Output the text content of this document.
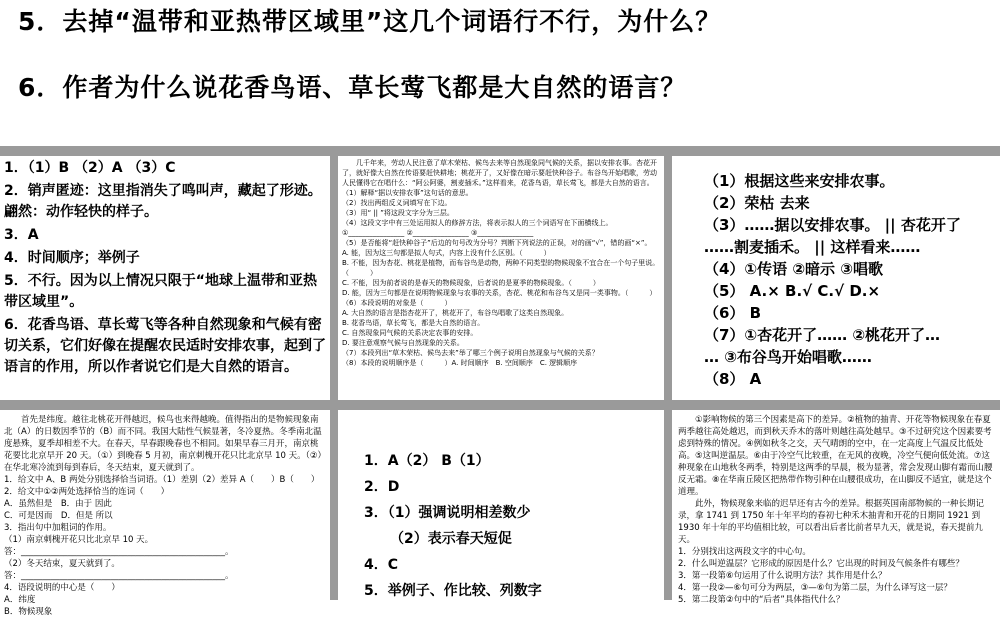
5．去掉“温带和亚热带区域里”这几个词语行不行，为什么？
6．作者为什么说花香鸟语、草长莺飞都是大自然的语言？

1．（1）B （2）A （3）C

2．销声匿迹：这里指消失了鸣叫声，藏起了形迹。翩然：动作轻快的样子。

3．A

4．时间顺序；举例子

5．不行。因为以上情况只限于“地球上温带和亚热带区域里”。

6．花香鸟语、草长莺飞等各种自然现象和气候有密切关系，它们好像在提醒农民适时安排农事，起到了语言的作用，所以作者说它们是大自然的语言。

　　几千年来，劳动人民注意了草木荣枯、候鸟去来等自然现象同气候的关系，据以安排农事。杏花开了，就好像大自然在传语要赶快耕地；桃花开了，又好像在暗示要赶快种谷子。布谷鸟开始唱歌，劳动人民懂得它在唱什么：“阿公阿婆，割麦插禾。”这样看来，花香鸟语，草长莺飞，都是大自然的语言。

（1）解释“据以安排农事”这句话的意思。

（2）找出两组反义词填写在下边。

（3）用“ || ”将这段文字分为三层。

（4）这段文字中有三处运用拟人的修辞方法，将表示拟人的三个词语写在下面横线上。

①________________ ②________________ ③________________

（5）是否能将“赶快种谷子”后边的句号改为分号？判断下列说法的正误，对的画“√”，错的画“×”。

A. 能，因为这三句都是拟人句式，内容上没有什么区别。（　　　）

B. 不能，因为杏花、桃花是植物，而布谷鸟是动物，两种不同类型的物候现象不宜合在一个句子里说。（　　　）

C. 不能，因为前者说的是春天的物候现象，后者说的是夏季的物候现象。（　　　）

D. 能，因为三句都是在说明物候现象与农事的关系，杏花、桃花和布谷鸟又是同一类事物。（　　　）

（6）本段说明的对象是（　　　）

A. 大自然的语言是指杏花开了，桃花开了，布谷鸟唱歌了这类自然现象。

B. 花香鸟语，草长莺飞，都是大自然的语言。

C. 自然现象同气候的关系决定农事的安排。

D. 要注意观察气候与自然现象的关系。

（7）本段列出“草木荣枯、候鸟去来”举了哪三个例子说明自然现象与气候的关系？

（8）本段的说明顺序是（　　　）A. 时间顺序　B. 空间顺序　C. 逻辑顺序

（1）根据这些来安排农事。

（2）荣枯 去来

（3）……据以安排农事。 || 杏花开了

……割麦插禾。 || 这样看来……

（4）①传语 ②暗示 ③唱歌

（5） A.× B.√ C.√ D.×

（6） B

（7）①杏花开了…… ②桃花开了…

… ③布谷鸟开始唱歌……

（8） A

　　首先是纬度。越往北桃花开得越迟，候鸟也来得越晚。值得指出的是物候现象南北（A）的日数因季节的（B）而不同。我国大陆性气候显著，冬冷夏热。冬季南北温度悬殊，夏季却相差不大。在春天，早春跟晚春也不相同。如果早春三月开，南京桃花要比北京早开 20 天。（①）到晚春 5 月初，南京刺槐开花只比北京早 10 天。（②）在华北寒冷流到每到春后，冬天结束，夏天就到了。

1．给文中 A、B 两处分别选择恰当词语。（1）差别（2）差异 A（　　）B（　　）

2．给文中①②两处选择恰当的连词（　　）

A．虽然但是　B．由于 因此

C．可是因而　D．但是 所以

3．指出句中加粗词的作用。

（1）南京刺槐开花只比北京早 10 天。

答：________________________________________________。

（2）冬天结束，夏天就到了。

答：________________________________________________。

4．语段说明的中心是（　　）

A．纬度

B．物候现象

1．A（2） B（1）

2．D

3．（1）强调说明相差数少

（2）表示春天短促

4．C

5．举例子、作比较、列数字

　　①影响物候的第三个因素是高下的差异。②植物的抽青、开花等物候现象在春夏两季越往高处越迟，而到秋天乔木的落叶则越往高处越早。③不过研究这个因素要考虑到特殊的情况。④例如秋冬之交，天气晴朗的空中，在一定高度上气温反比低处高。⑤这叫逆温层。⑥由于冷空气比较重，在无风的夜晚，冷空气便向低处流。⑦这种现象在山地秋冬两季，特别是这两季的早晨，极为显著，常会发现山脚有霜而山腰反无霜。⑧在华南丘陵区把热带作物引种在山腰很成功，在山脚反不适宜，就是这个道理。

　　此外，物候现象来临的迟早还有古今的差异。根据英国南部物候的一种长期记录，拿 1741 到 1750 年十年平均的春初七种禾木抽青和开花的日期同 1921 到 1930 年十年的平均值相比较，可以看出后者比前者早九天，就是说，春天提前九天。

1．分别找出这两段文字的中心句。

2．什么叫逆温层？它形成的原因是什么？它出现的时间及气候条件有哪些？

3．第一段第⑥句运用了什么说明方法？其作用是什么？

4．第一段②—⑥句可分为两层，③—⑥句为第二层，为什么译写这一层？

5．第二段第②句中的“后者”具体指代什么？
